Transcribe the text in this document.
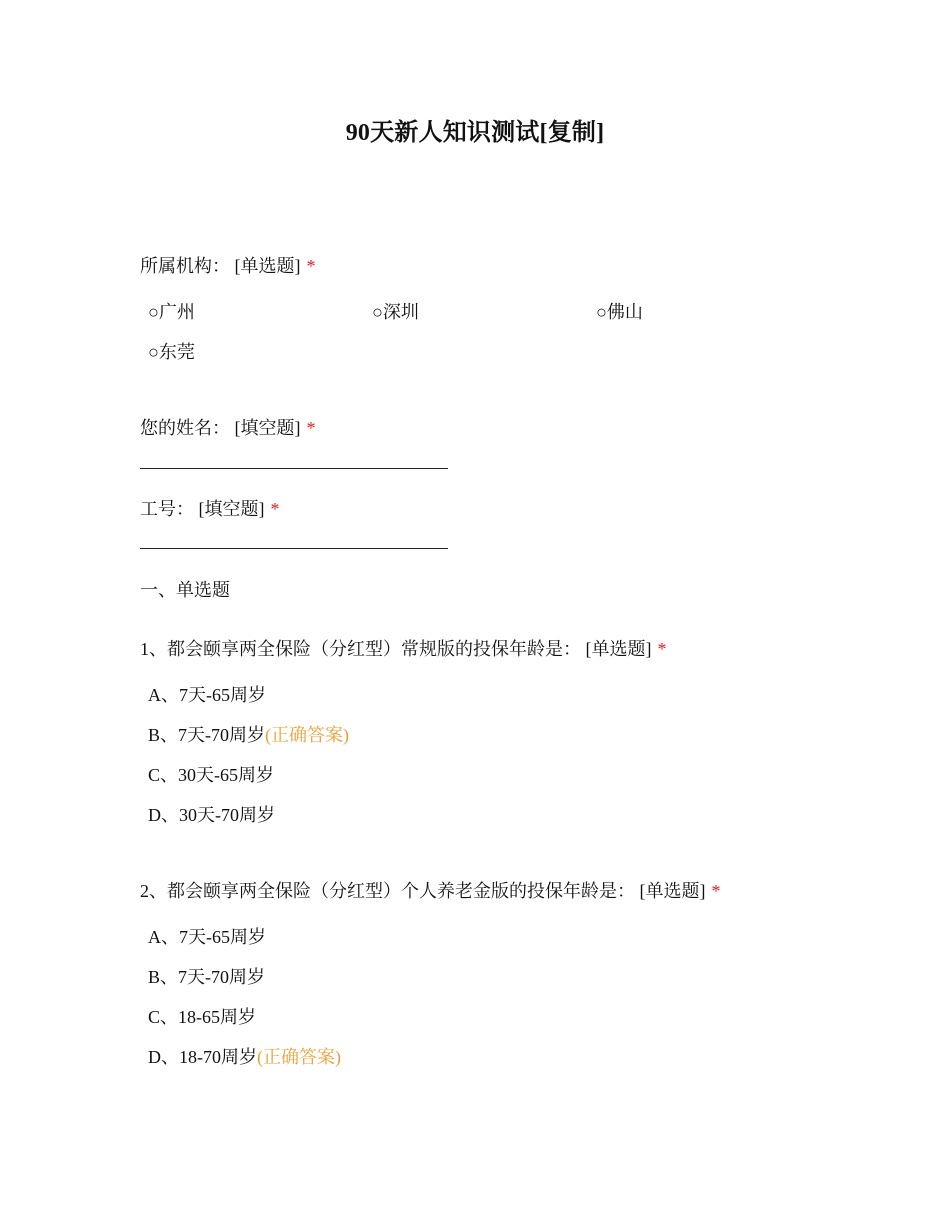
90天新人知识测试[复制]
所属机构： [单选题] *
○广州	○深圳	○佛山
○东莞
您的姓名： [填空题] *
工号： [填空题] *
一、单选题
1、都会颐享两全保险（分红型）常规版的投保年龄是： [单选题] *
A、7天-65周岁
B、7天-70周岁(正确答案)
C、30天-65周岁
D、30天-70周岁
2、都会颐享两全保险（分红型）个人养老金版的投保年龄是： [单选题] *
A、7天-65周岁
B、7天-70周岁
C、18-65周岁
D、18-70周岁(正确答案)
